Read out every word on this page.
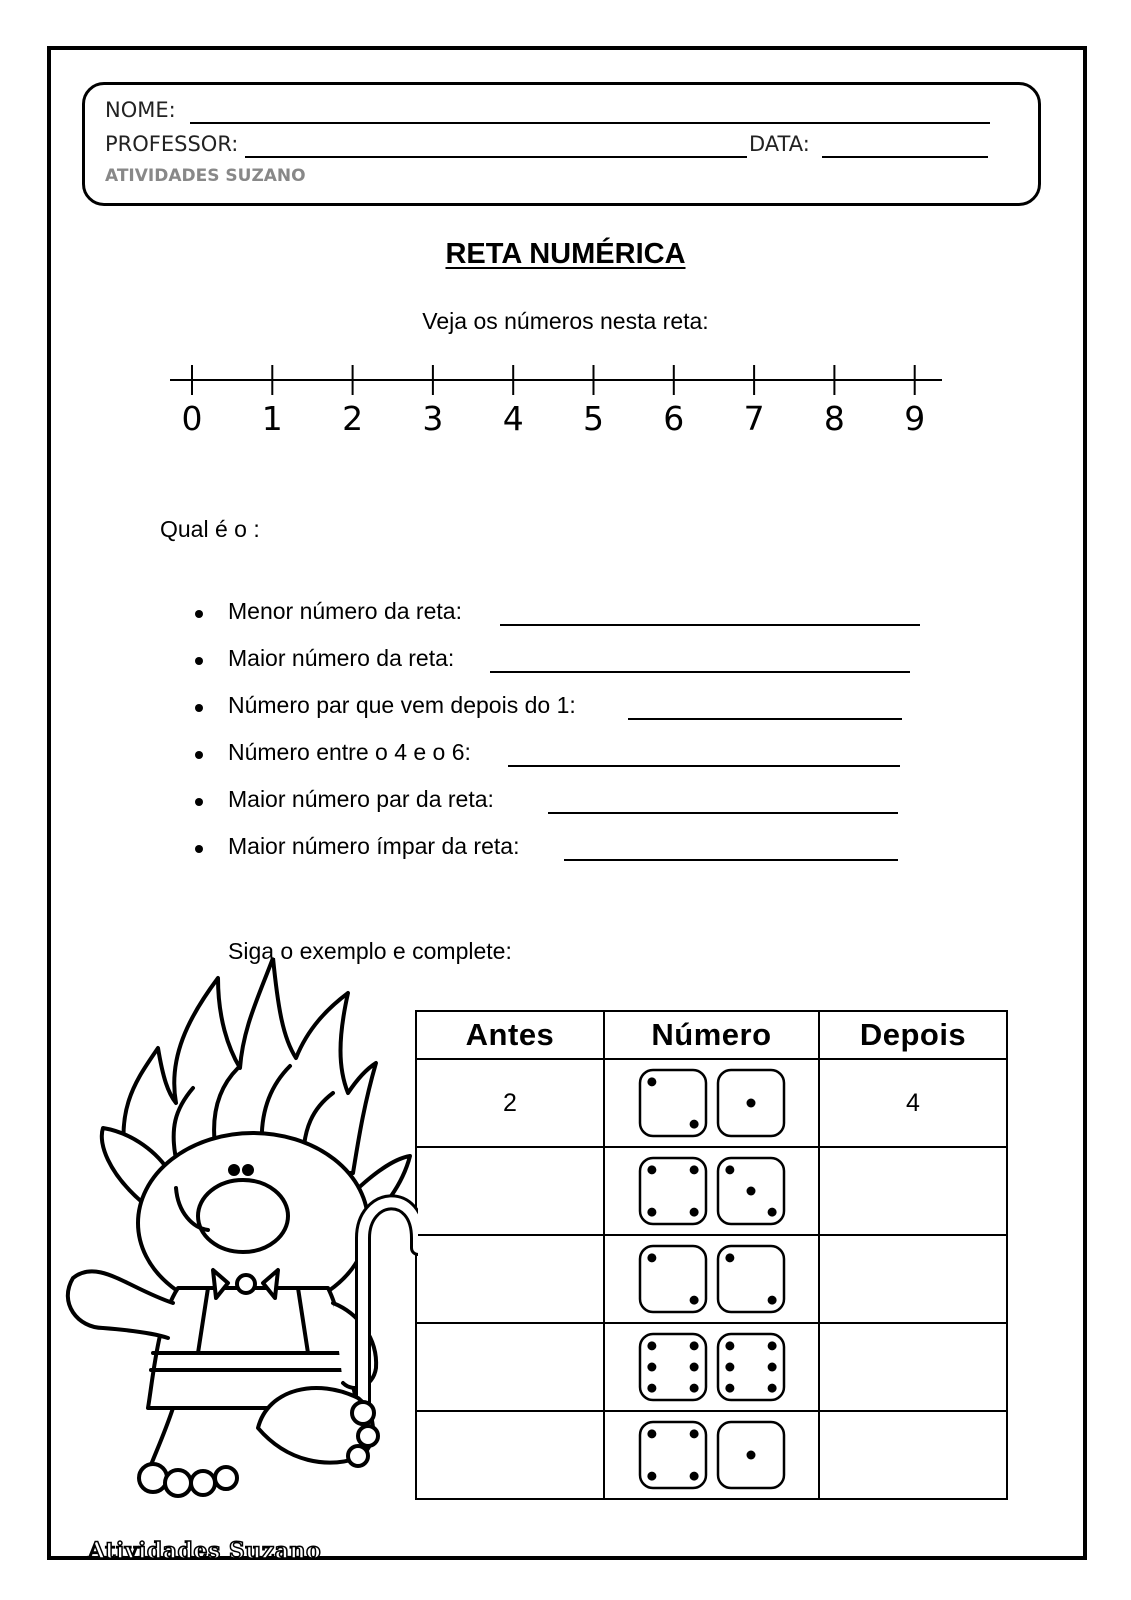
NOME:
PROFESSOR:	DATA:
ATIVIDADES SUZANO
RETA NUMÉRICA
Veja os números nesta reta:
0 1 2 3 4 5 6 7 8 9
Qual é o :
Menor número da reta:
Maior número da reta:
Número par que vem depois do 1:
Número entre o 4 e o 6:
Maior número par da reta:
Maior número ímpar da reta:
Siga o exemplo e complete:
Antes	Número	Depois
2		4

Atividades Suzano
